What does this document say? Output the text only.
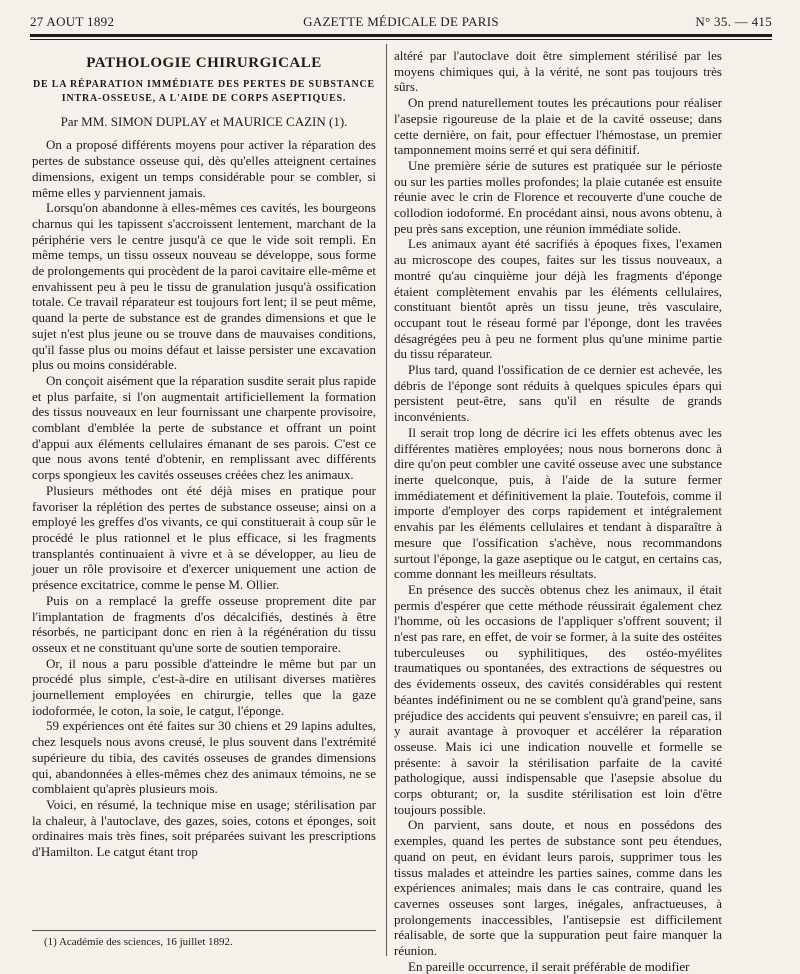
27 AOUT 1892	GAZETTE MÉDICALE DE PARIS	N° 35. — 415
PATHOLOGIE CHIRURGICALE
DE LA RÉPARATION IMMÉDIATE DES PERTES DE SUBSTANCE
INTRA-OSSEUSE, A L'AIDE DE CORPS ASEPTIQUES.
Par MM. SIMON DUPLAY et MAURICE CAZIN (1).

On a proposé différents moyens pour activer la réparation des pertes de substance osseuse qui, dès qu'elles atteignent certaines dimensions, exigent un temps considérable pour se combler, si même elles y parviennent jamais.

Lorsqu'on abandonne à elles-mêmes ces cavités, les bourgeons charnus qui les tapissent s'accroissent lentement, marchant de la périphérie vers le centre jusqu'à ce que le vide soit rempli. En même temps, un tissu osseux nouveau se développe, sous forme de prolongements qui procèdent de la paroi cavitaire elle-même et envahissent peu à peu le tissu de granulation jusqu'à ossification totale. Ce travail réparateur est toujours fort lent; il se peut même, quand la perte de substance est de grandes dimensions et que le sujet n'est plus jeune ou se trouve dans de mauvaises conditions, qu'il fasse plus ou moins défaut et laisse persister une excavation plus ou moins considérable.

On conçoit aisément que la réparation susdite serait plus rapide et plus parfaite, si l'on augmentait artificiellement la formation des tissus nouveaux en leur fournissant une charpente provisoire, comblant d'emblée la perte de substance et offrant un point d'appui aux éléments cellulaires émanant de ses parois. C'est ce que nous avons tenté d'obtenir, en remplissant avec différents corps spongieux les cavités osseuses créées chez les animaux.

Plusieurs méthodes ont été déjà mises en pratique pour favoriser la réplétion des pertes de substance osseuse; ainsi on a employé les greffes d'os vivants, ce qui constituerait à coup sûr le procédé le plus rationnel et le plus efficace, si les fragments transplantés continuaient à vivre et à se développer, au lieu de jouer un rôle provisoire et d'exercer uniquement une action de présence excitatrice, comme le pense M. Ollier.

Puis on a remplacé la greffe osseuse proprement dite par l'implantation de fragments d'os décalcifiés, destinés à être résorbés, ne participant donc en rien à la régénération du tissu osseux et ne constituant qu'une sorte de soutien temporaire.

Or, il nous a paru possible d'atteindre le même but par un procédé plus simple, c'est-à-dire en utilisant diverses matières journellement employées en chirurgie, telles que la gaze iodoformée, le coton, la soie, le catgut, l'éponge.

59 expériences ont été faites sur 30 chiens et 29 lapins adultes, chez lesquels nous avons creusé, le plus souvent dans l'extrémité supérieure du tibia, des cavités osseuses de grandes dimensions qui, abandonnées à elles-mêmes chez des animaux témoins, ne se comblaient qu'après plusieurs mois.

Voici, en résumé, la technique mise en usage; stérilisation par la chaleur, à l'autoclave, des gazes, soies, cotons et éponges, soit ordinaires mais très fines, soit préparées suivant les prescriptions d'Hamilton. Le catgut étant trop

(1) Académie des sciences, 16 juillet 1892.

altéré par l'autoclave doit être simplement stérilisé par les moyens chimiques qui, à la vérité, ne sont pas toujours très sûrs.

On prend naturellement toutes les précautions pour réaliser l'asepsie rigoureuse de la plaie et de la cavité osseuse; dans cette dernière, on fait, pour effectuer l'hémostase, un premier tamponnement moins serré et qui sera définitif.

Une première série de sutures est pratiquée sur le périoste ou sur les parties molles profondes; la plaie cutanée est ensuite réunie avec le crin de Florence et recouverte d'une couche de collodion iodoformé. En procédant ainsi, nous avons obtenu, à peu près sans exception, une réunion immédiate solide.

Les animaux ayant été sacrifiés à époques fixes, l'examen au microscope des coupes, faites sur les tissus nouveaux, a montré qu'au cinquième jour déjà les fragments d'éponge étaient complètement envahis par les éléments cellulaires, constituant bientôt après un tissu jeune, très vasculaire, occupant tout le réseau formé par l'éponge, dont les travées désagrégées peu à peu ne forment plus qu'une minime partie du tissu réparateur.

Plus tard, quand l'ossification de ce dernier est achevée, les débris de l'éponge sont réduits à quelques spicules épars qui persistent peut-être, sans qu'il en résulte de grands inconvénients.

Il serait trop long de décrire ici les effets obtenus avec les différentes matières employées; nous nous bornerons donc à dire qu'on peut combler une cavité osseuse avec une substance inerte quelconque, puis, à l'aide de la suture fermer immédiatement et définitivement la plaie. Toutefois, comme il importe d'employer des corps rapidement et intégralement envahis par les éléments cellulaires et tendant à disparaître à mesure que l'ossification s'achève, nous recommandons surtout l'éponge, la gaze aseptique ou le catgut, en certains cas, comme donnant les meilleurs résultats.

En présence des succès obtenus chez les animaux, il était permis d'espérer que cette méthode réussirait également chez l'homme, où les occasions de l'appliquer s'offrent souvent; il n'est pas rare, en effet, de voir se former, à la suite des ostéites tuberculeuses ou syphilitiques, des ostéo-myélites traumatiques ou spontanées, des extractions de séquestres ou des évidements osseux, des cavités considérables qui restent béantes indéfiniment ou ne se comblent qu'à grand'peine, sans préjudice des accidents qui peuvent s'ensuivre; en pareil cas, il y aurait avantage à provoquer et accélérer la réparation osseuse. Mais ici une indication nouvelle et formelle se présente: à savoir la stérilisation parfaite de la cavité pathologique, aussi indispensable que l'asepsie absolue du corps obturant; or, la susdite stérilisation est loin d'être toujours possible.

On parvient, sans doute, et nous en possédons des exemples, quand les pertes de substance sont peu étendues, quand on peut, en évidant leurs parois, supprimer tous les tissus malades et atteindre les parties saines, comme dans les expériences animales; mais dans le cas contraire, quand les cavernes osseuses sont larges, inégales, anfractueuses, à prolongements inaccessibles, l'antisepsie est difficilement réalisable, de sorte que la suppuration peut faire manquer la réunion.

En pareille occurrence, il serait préférable de modifier
